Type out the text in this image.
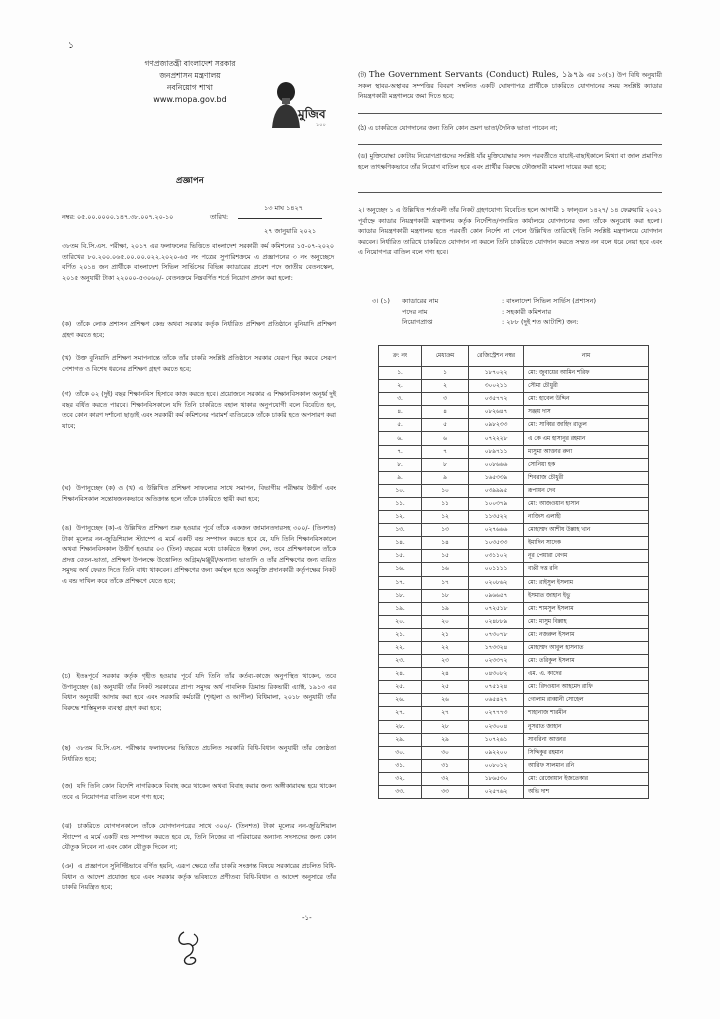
১
গণপ্রজাতন্ত্রী বাংলাদেশ সরকার
জনপ্রশাসন মন্ত্রণালয়
নবনিয়োগ শাখা
www.mopa.gov.bd
মুজিব
১০০
প্রজ্ঞাপন
১৩ মাঘ ১৪২৭
নম্বর: ০৫.০০.০০০০.১৪৭.৩৮.০০৭.২০-১০	তারিখ:
২৭ জানুয়ারি ২০২১
৩৮তম বি.সি.এস. পরীক্ষা, ২০১৭ এর ফলাফলের ভিত্তিতে বাংলাদেশ সরকারী কর্ম কমিশনের ১৫-০৭-২০২০ তারিখের ৮০.২০০.০৬৫.০০.০০.০২২.২০২০-৬৫ নং পত্রের সুপারিশক্রমে এ প্রজ্ঞাপনের ৩ নং অনুচ্ছেদে বর্ণিত ২০১৪ জন প্রার্থীকে বাংলাদেশ সিভিল সার্ভিসের বিভিন্ন ক্যাডারের প্রবেশ পদে জাতীয় বেতনস্কেল, ২০১৫ অনুযায়ী টাকা ২২০০০-৫৩০৬০/- বেতনক্রমে নিম্নবর্ণিত শর্তে নিয়োগ প্রদান করা হলো:
(ক) তাঁকে লোক প্রশাসন প্রশিক্ষণ কেন্দ্র অথবা সরকার কর্তৃক নির্ধারিত প্রশিক্ষণ প্রতিষ্ঠানে বুনিয়াদি প্রশিক্ষণ গ্রহণ করতে হবে;
(খ) উক্ত বুনিয়াদি প্রশিক্ষণ সমাপনান্তে তাঁকে তাঁর চাকরি সংশ্লিষ্ট প্রতিষ্ঠানে সরকার যেরূপ স্থির করবে সেরূপ পেশাগত ও বিশেষ ধরনের প্রশিক্ষণ গ্রহণ করতে হবে;
(গ) তাঁকে ০২ (দুই) বছর শিক্ষানবিস হিসাবে কাজ করতে হবে। প্রয়োজনে সরকার এ শিক্ষানবিসকাল অনূর্ধ্ব দুই বছর বর্ধিত করতে পারবে। শিক্ষানবিসকালে যদি তিনি চাকরিতে বহাল থাকার অনুপযোগী বলে বিবেচিত হন, তবে কোন কারণ দর্শানো ছাড়াই এবং সরকারী কর্ম কমিশনের পরামর্শ ব্যতিরেকে তাঁকে চাকরি হতে অপসারণ করা যাবে;
(ঘ) উপানুচ্ছেদ (ক) ও (খ) এ উল্লিখিত প্রশিক্ষণ সাফল্যের সাথে সমাপন, বিভাগীয় পরীক্ষায় উত্তীর্ণ এবং শিক্ষানবিসকাল সন্তোষজনকভাবে অতিক্রান্ত হলে তাঁকে চাকরিতে স্থায়ী করা হবে;
(ঙ) উপানুচ্ছেদ (ক)-এ উল্লিখিত প্রশিক্ষণ শুরু হওয়ার পূর্বে তাঁকে একজন জামানতদারসহ ৩০০/- (তিনশত) টাকা মূল্যের নন-জুডিশিয়াল স্ট্যাম্পে এ মর্মে একটি বন্ড সম্পাদন করতে হবে যে, যদি তিনি শিক্ষানবিসকালে অথবা শিক্ষানবিসকাল উত্তীর্ণ হওয়ার ০৩ (তিন) বছরের মধ্যে চাকরিতে ইস্তফা দেন, তবে প্রশিক্ষণকালে তাঁকে প্রদত্ত বেতন-ভাতা, প্রশিক্ষণ উপলক্ষে উত্তোলিত অগ্রিম/মঞ্জুরী/অন্যান্য ভাতাদি ও তাঁর প্রশিক্ষণের জন্য ব্যয়িত সমুদয় অর্থ ফেরত দিতে তিনি বাধ্য থাকবেন। প্রশিক্ষণের জন্য কর্মস্থল হতে অবমুক্তি প্রদানকারী কর্তৃপক্ষের নিকট এ বন্ড দাখিল করে তাঁকে প্রশিক্ষণে যেতে হবে;
(চ) ইতঃপূর্বে সরকার কর্তৃক গৃহীত হওয়ার পূর্বে যদি তিনি তাঁর কর্তব্য-কাজে অনুপস্থিত থাকেন, তবে উপানুচ্ছেদ (ঙ) অনুযায়ী তাঁর নিকট সরকারের প্রাপ্য সমুদয় অর্থ পাবলিক ডিমান্ড রিকভারী এ্যাক্ট, ১৯১৩ এর বিধান অনুযায়ী আদায় করা হবে এবং সরকারি কর্মচারী (শৃঙ্খলা ও আপীল) বিধিমালা, ২০১৮ অনুযায়ী তাঁর বিরুদ্ধে শাস্তিমূলক ব্যবস্থা গ্রহণ করা হবে;
(ছ) ৩৮তম বি.সি.এস. পরীক্ষার ফলাফলের ভিত্তিতে প্রচলিত সরকারি বিধি-বিধান অনুযায়ী তাঁর জ্যেষ্ঠতা নির্ধারিত হবে;
(জ) যদি তিনি কোন বিদেশি নাগরিককে বিবাহ করে থাকেন অথবা বিবাহ করার জন্য অঙ্গীকারাবদ্ধ হয়ে থাকেন তবে এ নিয়োগপত্র বাতিল বলে গণ্য হবে;
(ঝ) চাকরিতে যোগদানকালে তাঁকে যোগদানপত্রের সাথে ৩০০/- (তিনশত) টাকা মূল্যের নন-জুডিশিয়াল স্ট্যাম্পে এ মর্মে একটি বন্ড সম্পাদন করতে হবে যে, তিনি নিজের বা পরিবারের অন্যান্য সদস্যদের জন্য কোন যৌতুক নিবেন না এবং কোন যৌতুক দিবেন না;
(ঞ) এ প্রজ্ঞাপনে সুনির্দিষ্টভাবে বর্ণিত হয়নি, এরূপ ক্ষেত্রে তাঁর চাকরি সংক্রান্ত বিষয়ে সরকারের প্রচলিত বিধি-বিধান ও আদেশ প্রযোজ্য হবে এবং সরকার কর্তৃক ভবিষ্যতে প্রণীতব্য বিধি-বিধান ও আদেশ অনুসারে তাঁর চাকরি নিয়ন্ত্রিত হবে;
-১-
(ট) The Government Servants (Conduct) Rules, ১৯৭৯ এর ১৩(১) উপ বিধি অনুযায়ী সকল স্থাবর-অস্থাবর সম্পত্তির বিবরণ সম্বলিত একটি ঘোষণাপত্র প্রার্থীকে চাকরিতে যোগদানের সময় সংশ্লিষ্ট ক্যাডার নিয়ন্ত্রণকারী মন্ত্রণালয়ে জমা দিতে হবে;
(ঠ) এ চাকরিতে যোগদানের জন্য তিনি কোন ভ্রমণ ভাতা/দৈনিক ভাতা পাবেন না;
(ড) মুক্তিযোদ্ধা কোটায় নিয়োগপ্রাপ্তদের সংশ্লিষ্ট যাঁর মুক্তিযোদ্ধার সনদ পরবর্তীতে যাচাই-বাছাইকালে মিথ্যা বা জাল প্রমাণিত হলে তাৎক্ষণিকভাবে তাঁর নিয়োগ বাতিল হবে এবং প্রার্থীর বিরুদ্ধে ফৌজদারী মামলা দায়ের করা হবে;
২। অনুচ্ছেদ ১ এ উল্লিখিত শর্তাবলী তাঁর নিকট গ্রহণযোগ্য বিবেচিত হলে আগামী ১ ফাল্গুন ১৪২৭/ ১৪ ফেব্রুয়ারি ২০২১ পূর্বাহ্নে ক্যাডার নিয়ন্ত্রণকারী মন্ত্রণালয় কর্তৃক নির্দেশিত/পদায়িত কার্যালয়ে যোগদানের জন্য তাঁকে অনুরোধ করা হলো। ক্যাডার নিয়ন্ত্রণকারী মন্ত্রণালয় হতে পরবর্তী কোন নির্দেশ না পেলে উল্লিখিত তারিখেই তিনি সংশ্লিষ্ট মন্ত্রণালয়ে যোগদান করবেন। নির্ধারিত তারিখে চাকরিতে যোগদান না করলে তিনি চাকরিতে যোগদান করতে সম্মত নন বলে ধরে নেয়া হবে এবং এ নিয়োগপত্র বাতিল বলে গণ্য হবে।
৩। (১) ক্যাডারের নাম	: বাংলাদেশ সিভিল সার্ভিস (প্রশাসন)
পদের নাম	: সহকারী কমিশনার
নিয়োগপ্রাপ্ত	: ২৮৮ (দুই শত আটাশি) জন:
ক্র: নং	মেধাক্রম	রেজিস্ট্রেশন নম্বর	নাম
১.	১	১৮৭০২২	মো: জুবায়ের আমিন শরিফ
২.	২	৩০০২১১	সৌমা চৌধুরী
৩.	৩	০৩৫৭৭২	মো: হাবেল উদ্দিন
৪.	৪	০৮২৬৪৭	সঞ্জয় দাস
৫.	৫	০৯৮২৩৩	মো: সাব্বির জাহিদ রাতুল
৬.	৬	০৭২২২৮	এ কে এম হাসানুর রহমান
৭.	৭	০৮৯৭১১	মাসুমা আক্তার রুনা
৮.	৮	০০৮৬৬৬	সোনিয়া হক
৯.	৯	১৬৫৩৩৯	শিবরাজ চৌধুরী
১০.	১০	০৩৯৯৯৫	রূপায়ন দেব
১১.	১১	১০০৩৭৯	মো: আজওয়ান হাসান
১২.	১২	১১৩৫২২	নাজিস এলাহী
১৩.	১৩	০২৭৬৬৬	মোহাম্মদ আশীষ উল্লাহ খান
১৪.	১৪	১০৩৫৩৩	ইমাদিন সাদেক
১৫.	১৫	০৩১১০২	নূর পেয়ারা বেগম
১৬.	১৬	০০১১১১	বাপ্পী দত্ত রনি
১৭.	১৭	০২০৮৬২	মো: রাইসুল ইসলাম
১৮.	১৮	০৯৬৬৫৭	ইসমাত জাহান ইভু
১৯.	১৯	০৭২৫১৮	মো: শামসুল ইসলাম
২০.	২০	০২৪৮৮৯	মো: মাসুম বিল্লাহ
২১.	২১	০৭৩০৭৮	মো: নজরুল ইসলাম
২২.	২২	১৭৩৩২৪	মোহাম্মদ আবুল হাসনাত
২৩.	২৩	০২৩৩৭২	মো: তরিকুল ইসলাম
২৪.	২৪	০৪৩০৮২	এম. এ. কাদের
২৫.	২৫	০৭৫১২৪	মো: রিদওয়ান আহমেদ রাফি
২৬.	২৬	০৬৫৪২৭	গোলাম রাব্বানী সোহেল
২৭.	২৭	০২৭৭৭৩	শাহানাজ শারমীন
২৮.	২৮	০২৩০০৪	নুসরাত জাহান
২৯.	২৯	১০৭২৬১	সাবরিনা আক্তার
৩০.	৩০	০৯২২০০	সিদ্দিকুর রহমান
৩১.	৩১	০০৮০১২	আরিফ সালমান রনি
৩২.	৩২	১৮৬৫৩০	মো: রেজোয়ান ইজতেকার
৩৩.	৩৩	০২৫৭৬২	অভি দাশ
